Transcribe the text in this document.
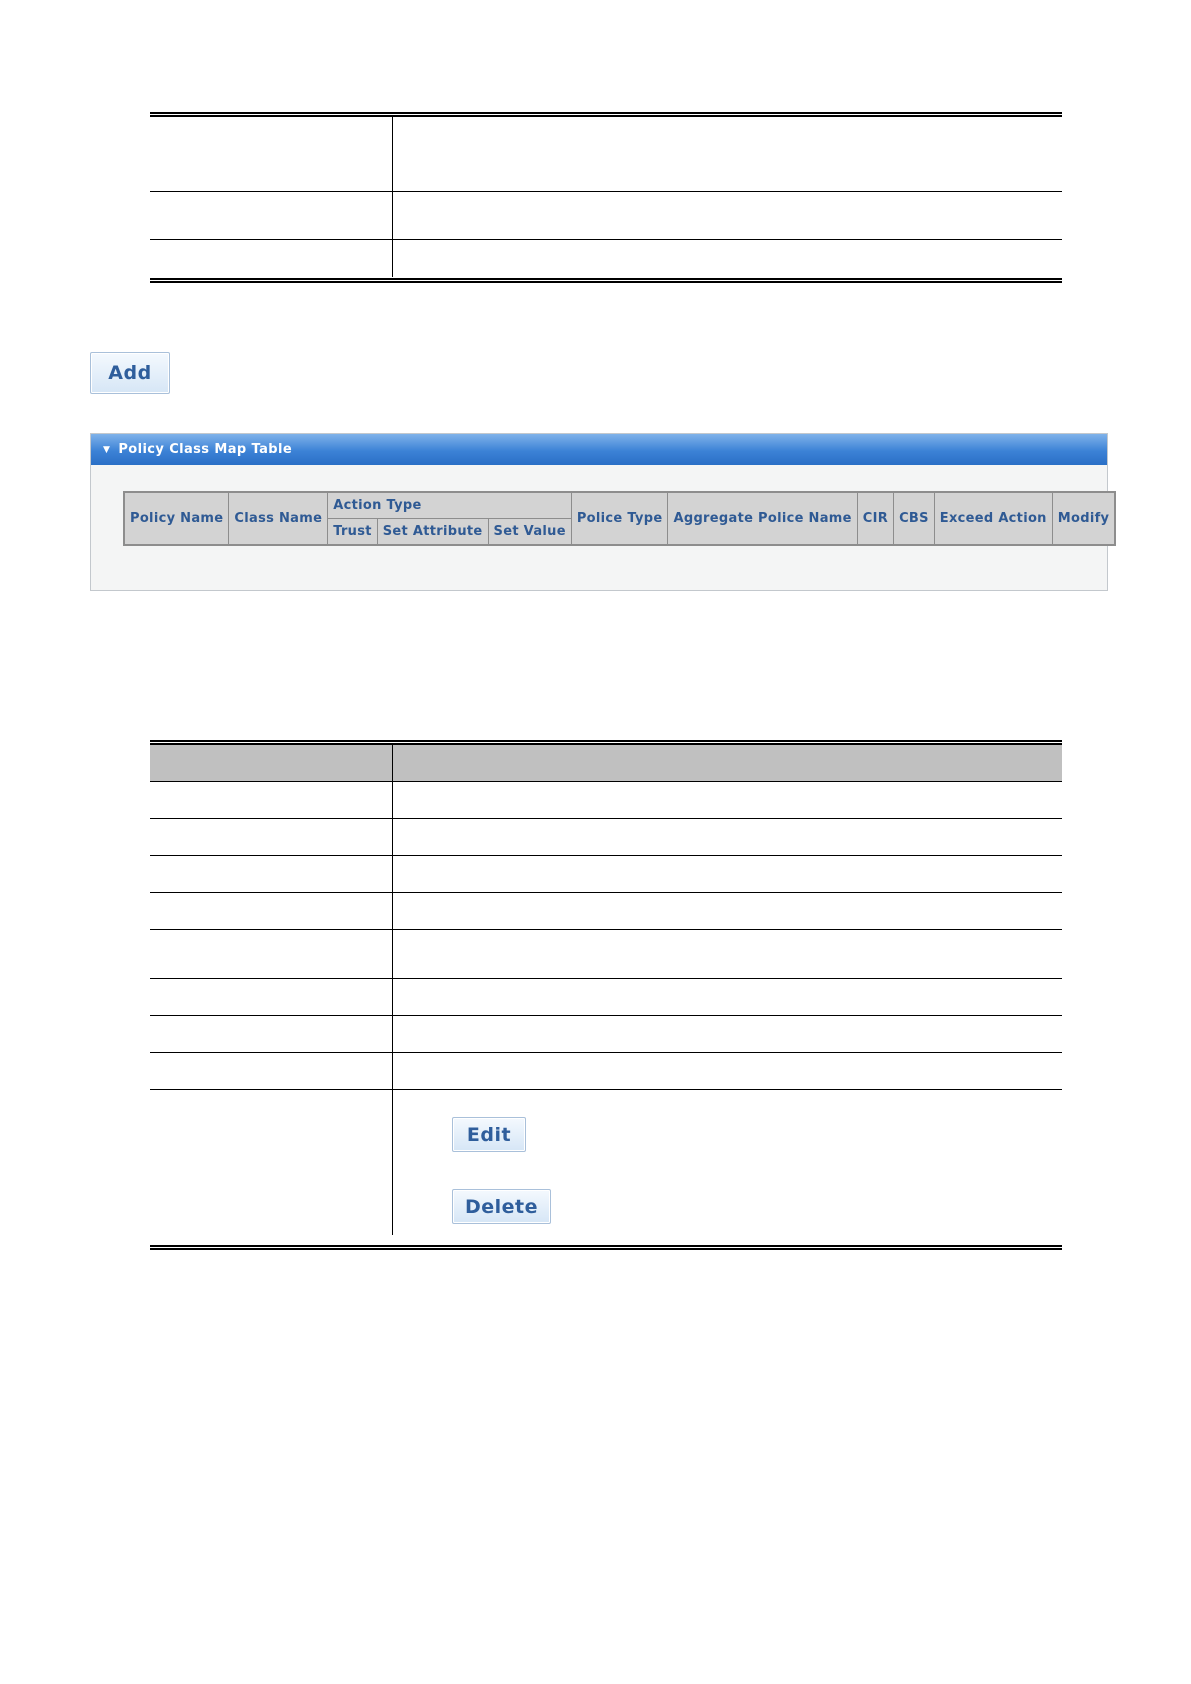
Add
▼ Policy Class Map Table
Policy Name	Class Name	Action Type			Police Type	Aggregate Police Name	CIR	CBS	Exceed Action	Modify
		Trust	Set Attribute	Set Value						

Edit
Delete
